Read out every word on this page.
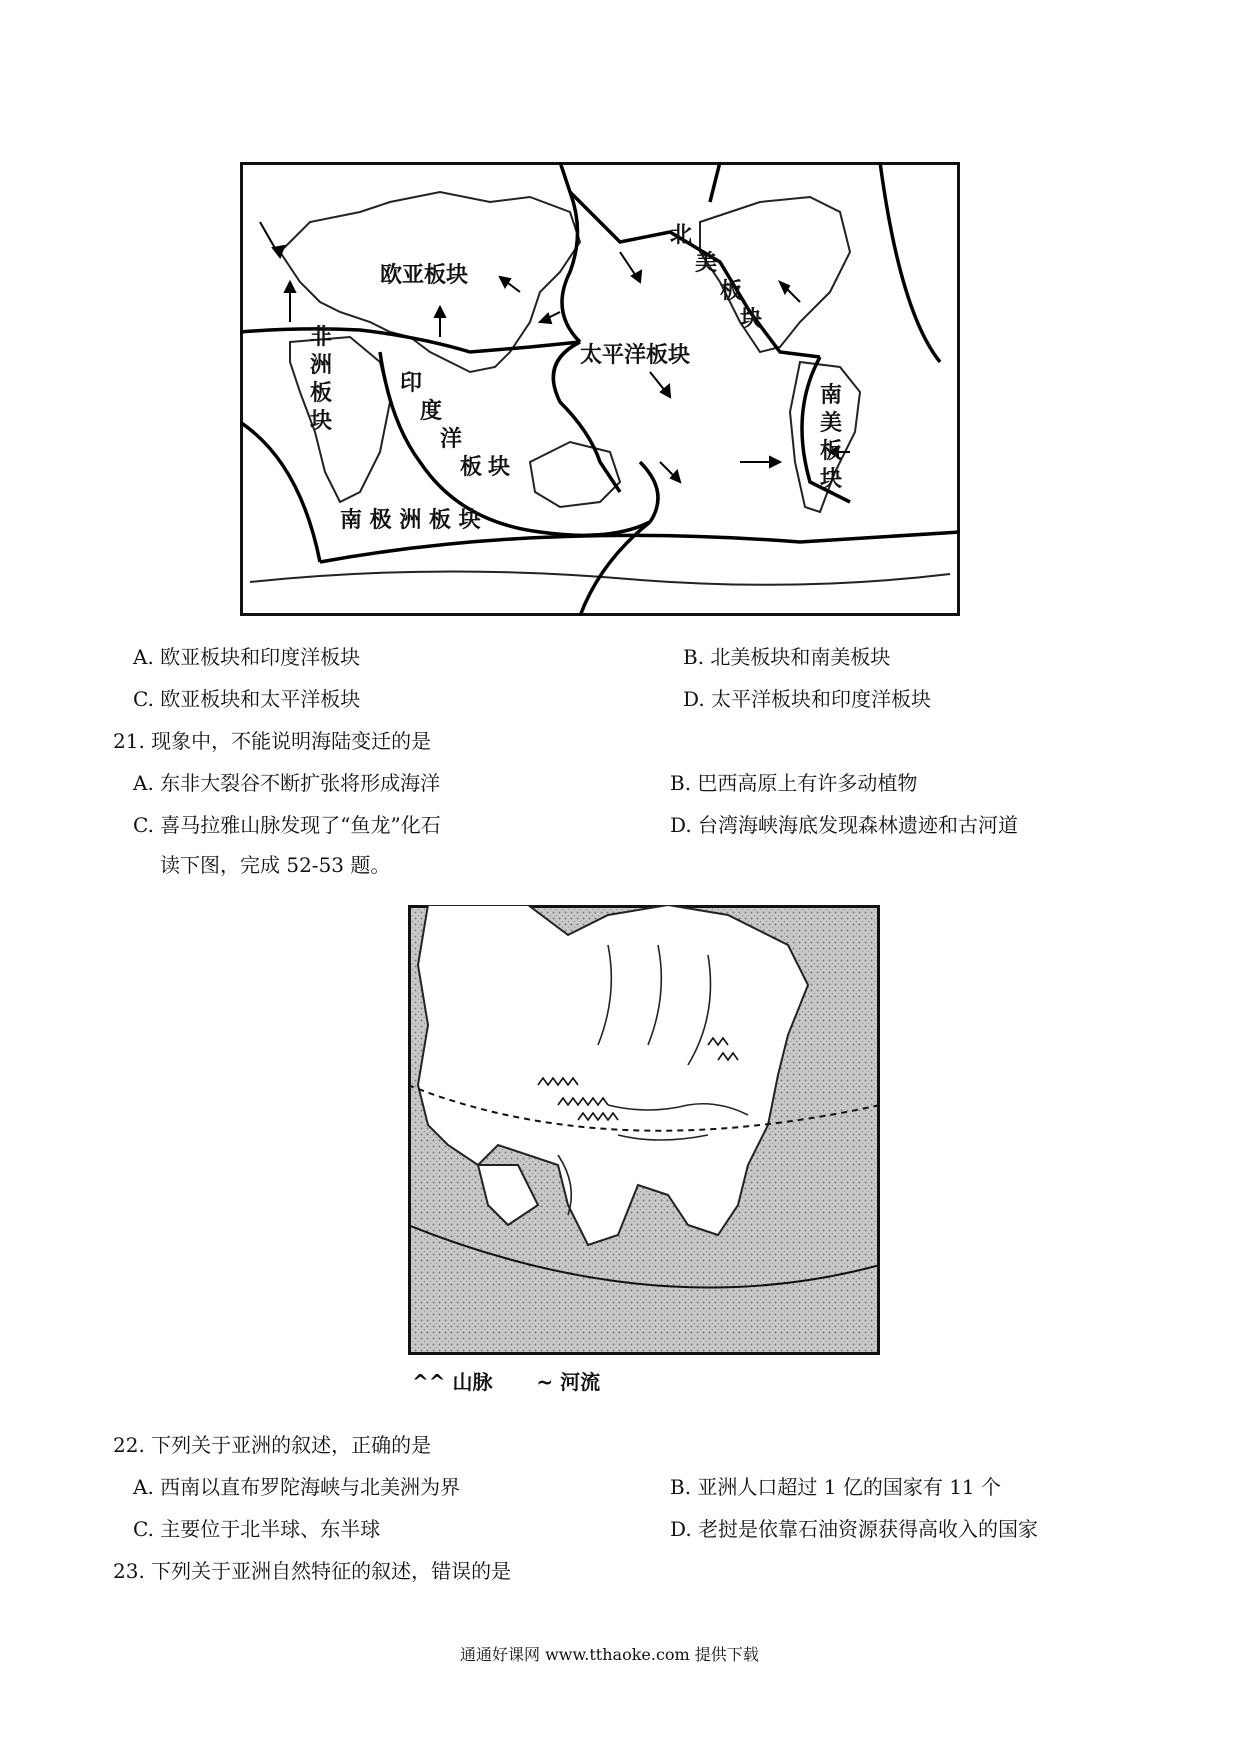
欧亚板块
太平洋板块
南 极 洲 板 块
非
洲
板
块
印
度
洋
板 块
北
美
板
块
南
美
板
块
A. 欧亚板块和印度洋板块	B. 北美板块和南美板块
C. 欧亚板块和太平洋板块	D. 太平洋板块和印度洋板块
21. 现象中，不能说明海陆变迁的是
A. 东非大裂谷不断扩张将形成海洋	B. 巴西高原上有许多动植物
C. 喜马拉雅山脉发现了“鱼龙”化石	D. 台湾海峡海底发现森林遗迹和古河道
读下图，完成 52-53 题。
^^ 山脉 ~ 河流
22. 下列关于亚洲的叙述，正确的是
A. 西南以直布罗陀海峡与北美洲为界	B. 亚洲人口超过 1 亿的国家有 11 个
C. 主要位于北半球、东半球	D. 老挝是依靠石油资源获得高收入的国家
23. 下列关于亚洲自然特征的叙述，错误的是
通通好课网 www.tthaoke.com 提供下载
